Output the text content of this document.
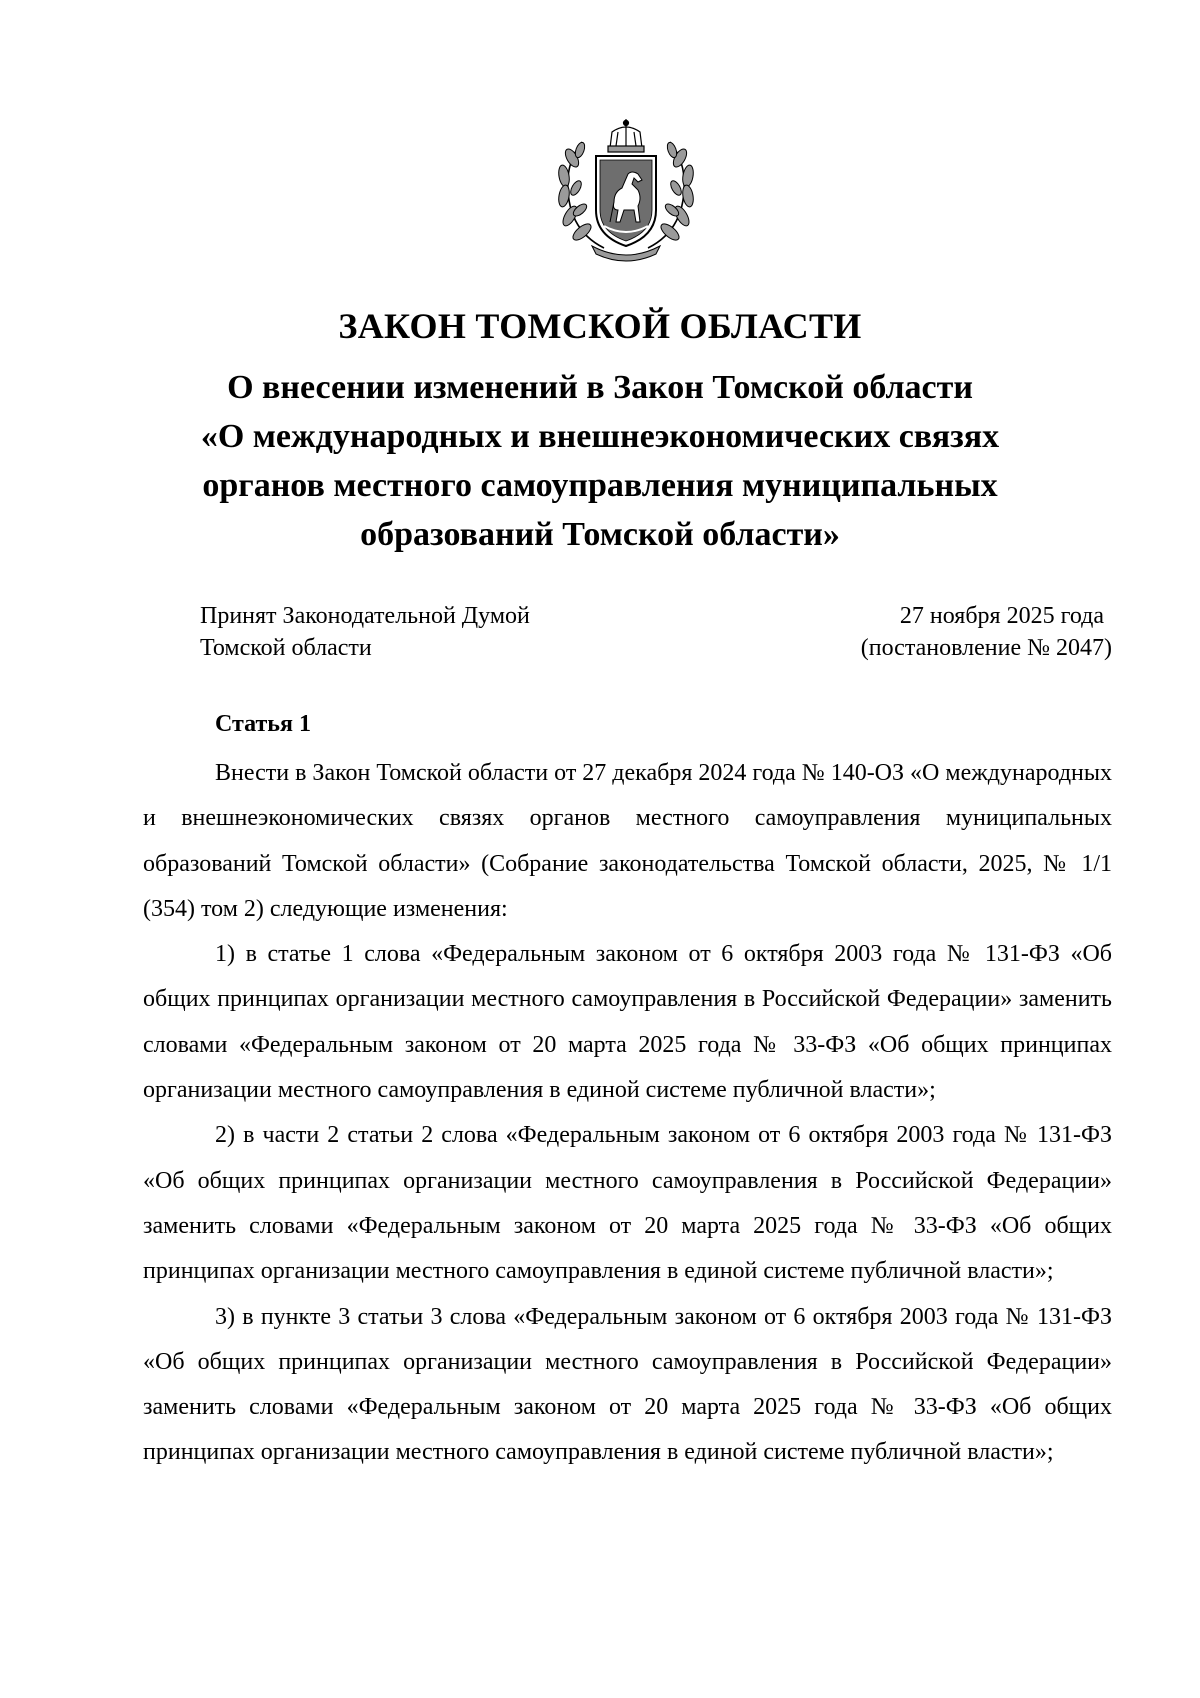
ЗАКОН ТОМСКОЙ ОБЛАСТИ
О внесении изменений в Закон Томской области
«О международных и внешнеэкономических связях
органов местного самоуправления муниципальных
образований Томской области»
Принят Законодательной Думой
Томской области
27 ноября 2025 года
(постановление № 2047)
Статья 1

Внести в Закон Томской области от 27 декабря 2024 года № 140-ОЗ «О международных и внешнеэкономических связях органов местного самоуправления муниципальных образований Томской области» (Собрание законодательства Томской области, 2025, № 1/1 (354) том 2) следующие изменения:

1) в статье 1 слова «Федеральным законом от 6 октября 2003 года № 131-ФЗ «Об общих принципах организации местного самоуправления в Российской Федерации» заменить словами «Федеральным законом от 20 марта 2025 года № 33-ФЗ «Об общих принципах организации местного самоуправления в единой системе публичной власти»;

2) в части 2 статьи 2 слова «Федеральным законом от 6 октября 2003 года № 131-ФЗ «Об общих принципах организации местного самоуправления в Российской Федерации» заменить словами «Федеральным законом от 20 марта 2025 года № 33-ФЗ «Об общих принципах организации местного самоуправления в единой системе публичной власти»;

3) в пункте 3 статьи 3 слова «Федеральным законом от 6 октября 2003 года № 131-ФЗ «Об общих принципах организации местного самоуправления в Российской Федерации» заменить словами «Федеральным законом от 20 марта 2025 года № 33-ФЗ «Об общих принципах организации местного самоуправления в единой системе публичной власти»;
